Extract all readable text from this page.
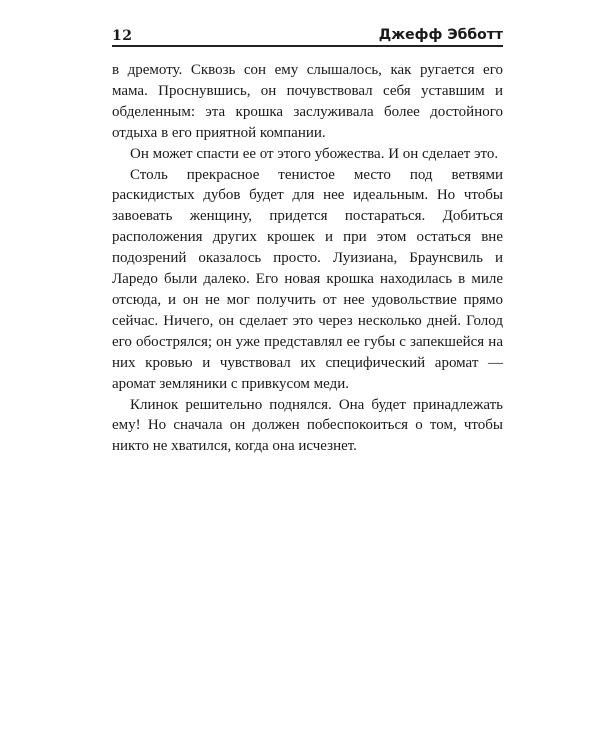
12	Джефф Эбботт

в дремоту. Сквозь сон ему слышалось, как ругается его мама. Проснувшись, он почувствовал себя уставшим и обделенным: эта крошка заслуживала более достойного отдыха в его приятной компании.

Он может спасти ее от этого убожества. И он сделает это.

Столь прекрасное тенистое место под ветвями раскидистых дубов будет для нее идеальным. Но чтобы завоевать женщину, придется постараться. Добиться расположения других крошек и при этом остаться вне подозрений оказалось просто. Луизиана, Браунсвиль и Ларедо были далеко. Его новая крошка находилась в миле отсюда, и он не мог получить от нее удовольствие прямо сейчас. Ничего, он сделает это через несколько дней. Голод его обострялся; он уже представлял ее губы с запекшейся на них кровью и чувствовал их специфический аромат — аромат земляники с привкусом меди.

Клинок решительно поднялся. Она будет принадлежать ему! Но сначала он должен побеспокоиться о том, чтобы никто не хватился, когда она исчезнет.
